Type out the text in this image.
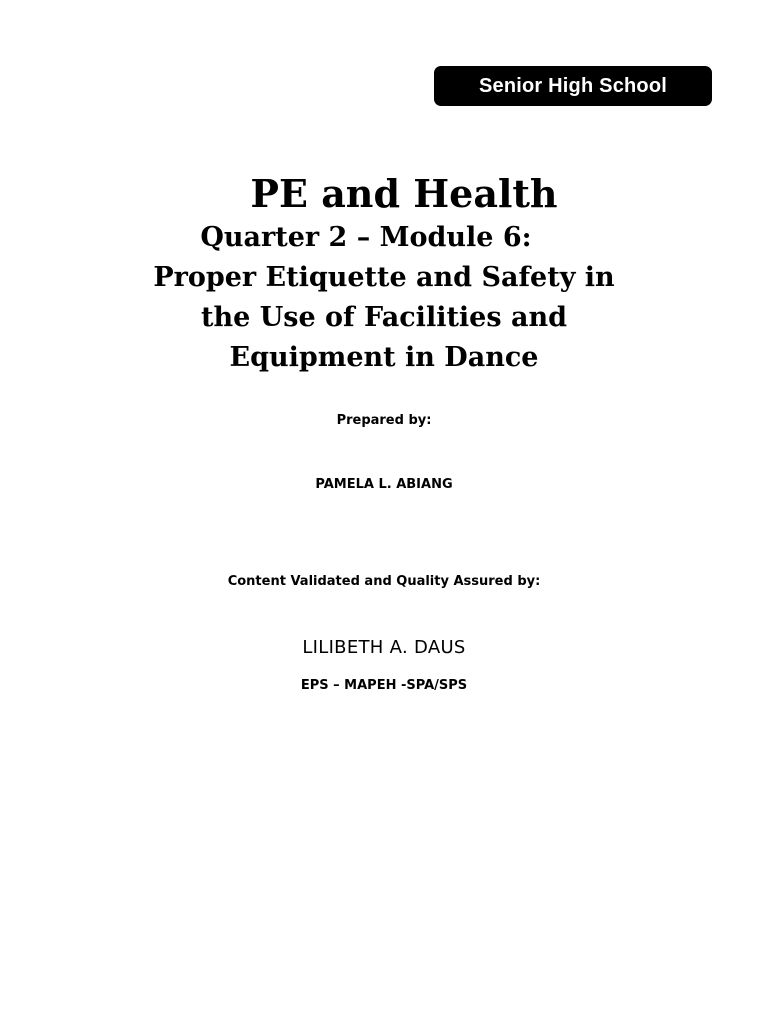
Senior High School
PE and Health
Quarter 2 – Module 6:
Proper Etiquette and Safety in
the Use of Facilities and
Equipment in Dance
Prepared by:
PAMELA L. ABIANG
Content Validated and Quality Assured by:
LILIBETH A. DAUS
EPS – MAPEH -SPA/SPS
